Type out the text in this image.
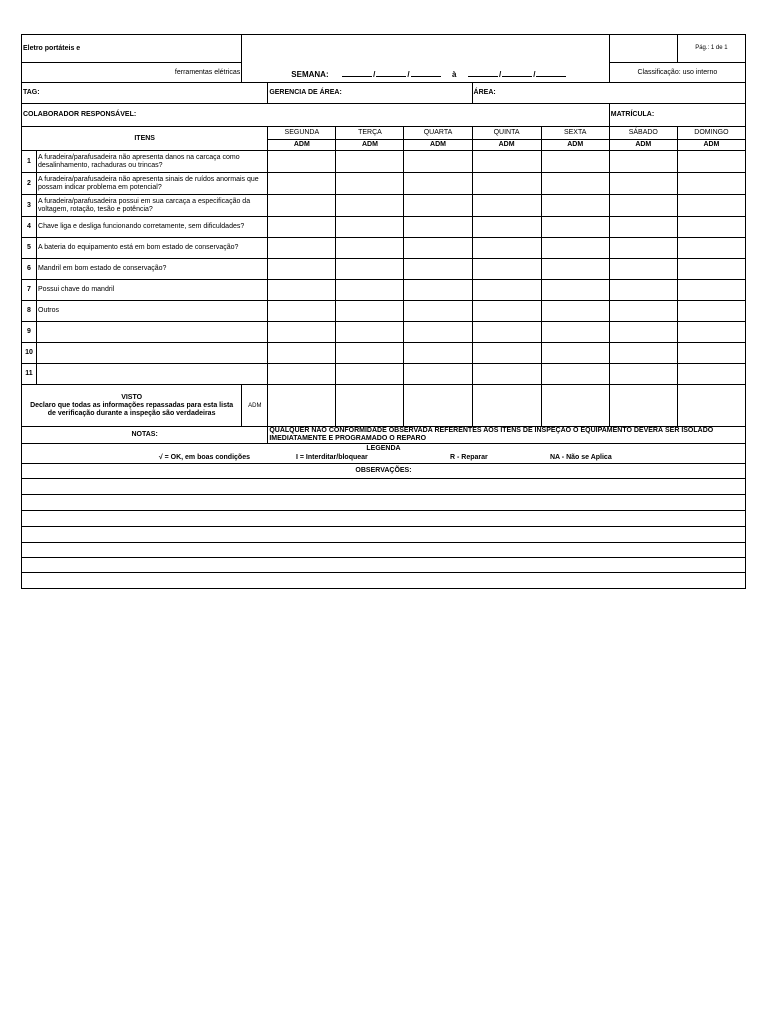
Eletro portáteis e		SEMANA: / / à / /						Pág.: 1 de 1	

ferramentas elétricas								Classificação: uso interno	
TAG:			GERENCIA DE ÁREA:			ÁREA:			
COLABORADOR RESPONSÁVEL:								MATRÍCULA:	
ITENS			SEGUNDA	TERÇA	QUARTA	QUINTA	SEXTA	SÁBADO	DOMINGO
			ADM	ADM	ADM	ADM	ADM	ADM	ADM
1	A furadeira/parafusadeira não apresenta danos na carcaça como desalinhamento, rachaduras ou trincas?								
2	A furadeira/parafusadeira não apresenta sinais de ruídos anormais que possam indicar problema em potencial?								
3	A furadeira/parafusadeira possui em sua carcaça a especificação da voltagem, rotação, tesão e potência?								
4	Chave liga e desliga funcionando corretamente, sem dificuldades?								
5	A bateria do equipamento está em bom estado de conservação?								
6	Mandril em bom estado de conservação?								
7	Possui chave do mandril								
8	Outros								
9									
10									
11									

VISTO
Declaro que todas as informações repassadas para esta lista de verificação durante a inspeção são verdadeiras		ADM							
NOTAS:			QUALQUER NÃO CONFORMIDADE OBSERVADA REFERENTES AOS ITENS DE INSPEÇÃO O EQUIPAMENTO DEVERÁ SER ISOLADO IMEDIATAMENTE E PROGRAMADO O REPARO						

LEGENDA
√ = OK, em boas condições I = Interditar/bloquear R - Reparar NA - Não se Aplica									

OBSERVAÇÕES:									
